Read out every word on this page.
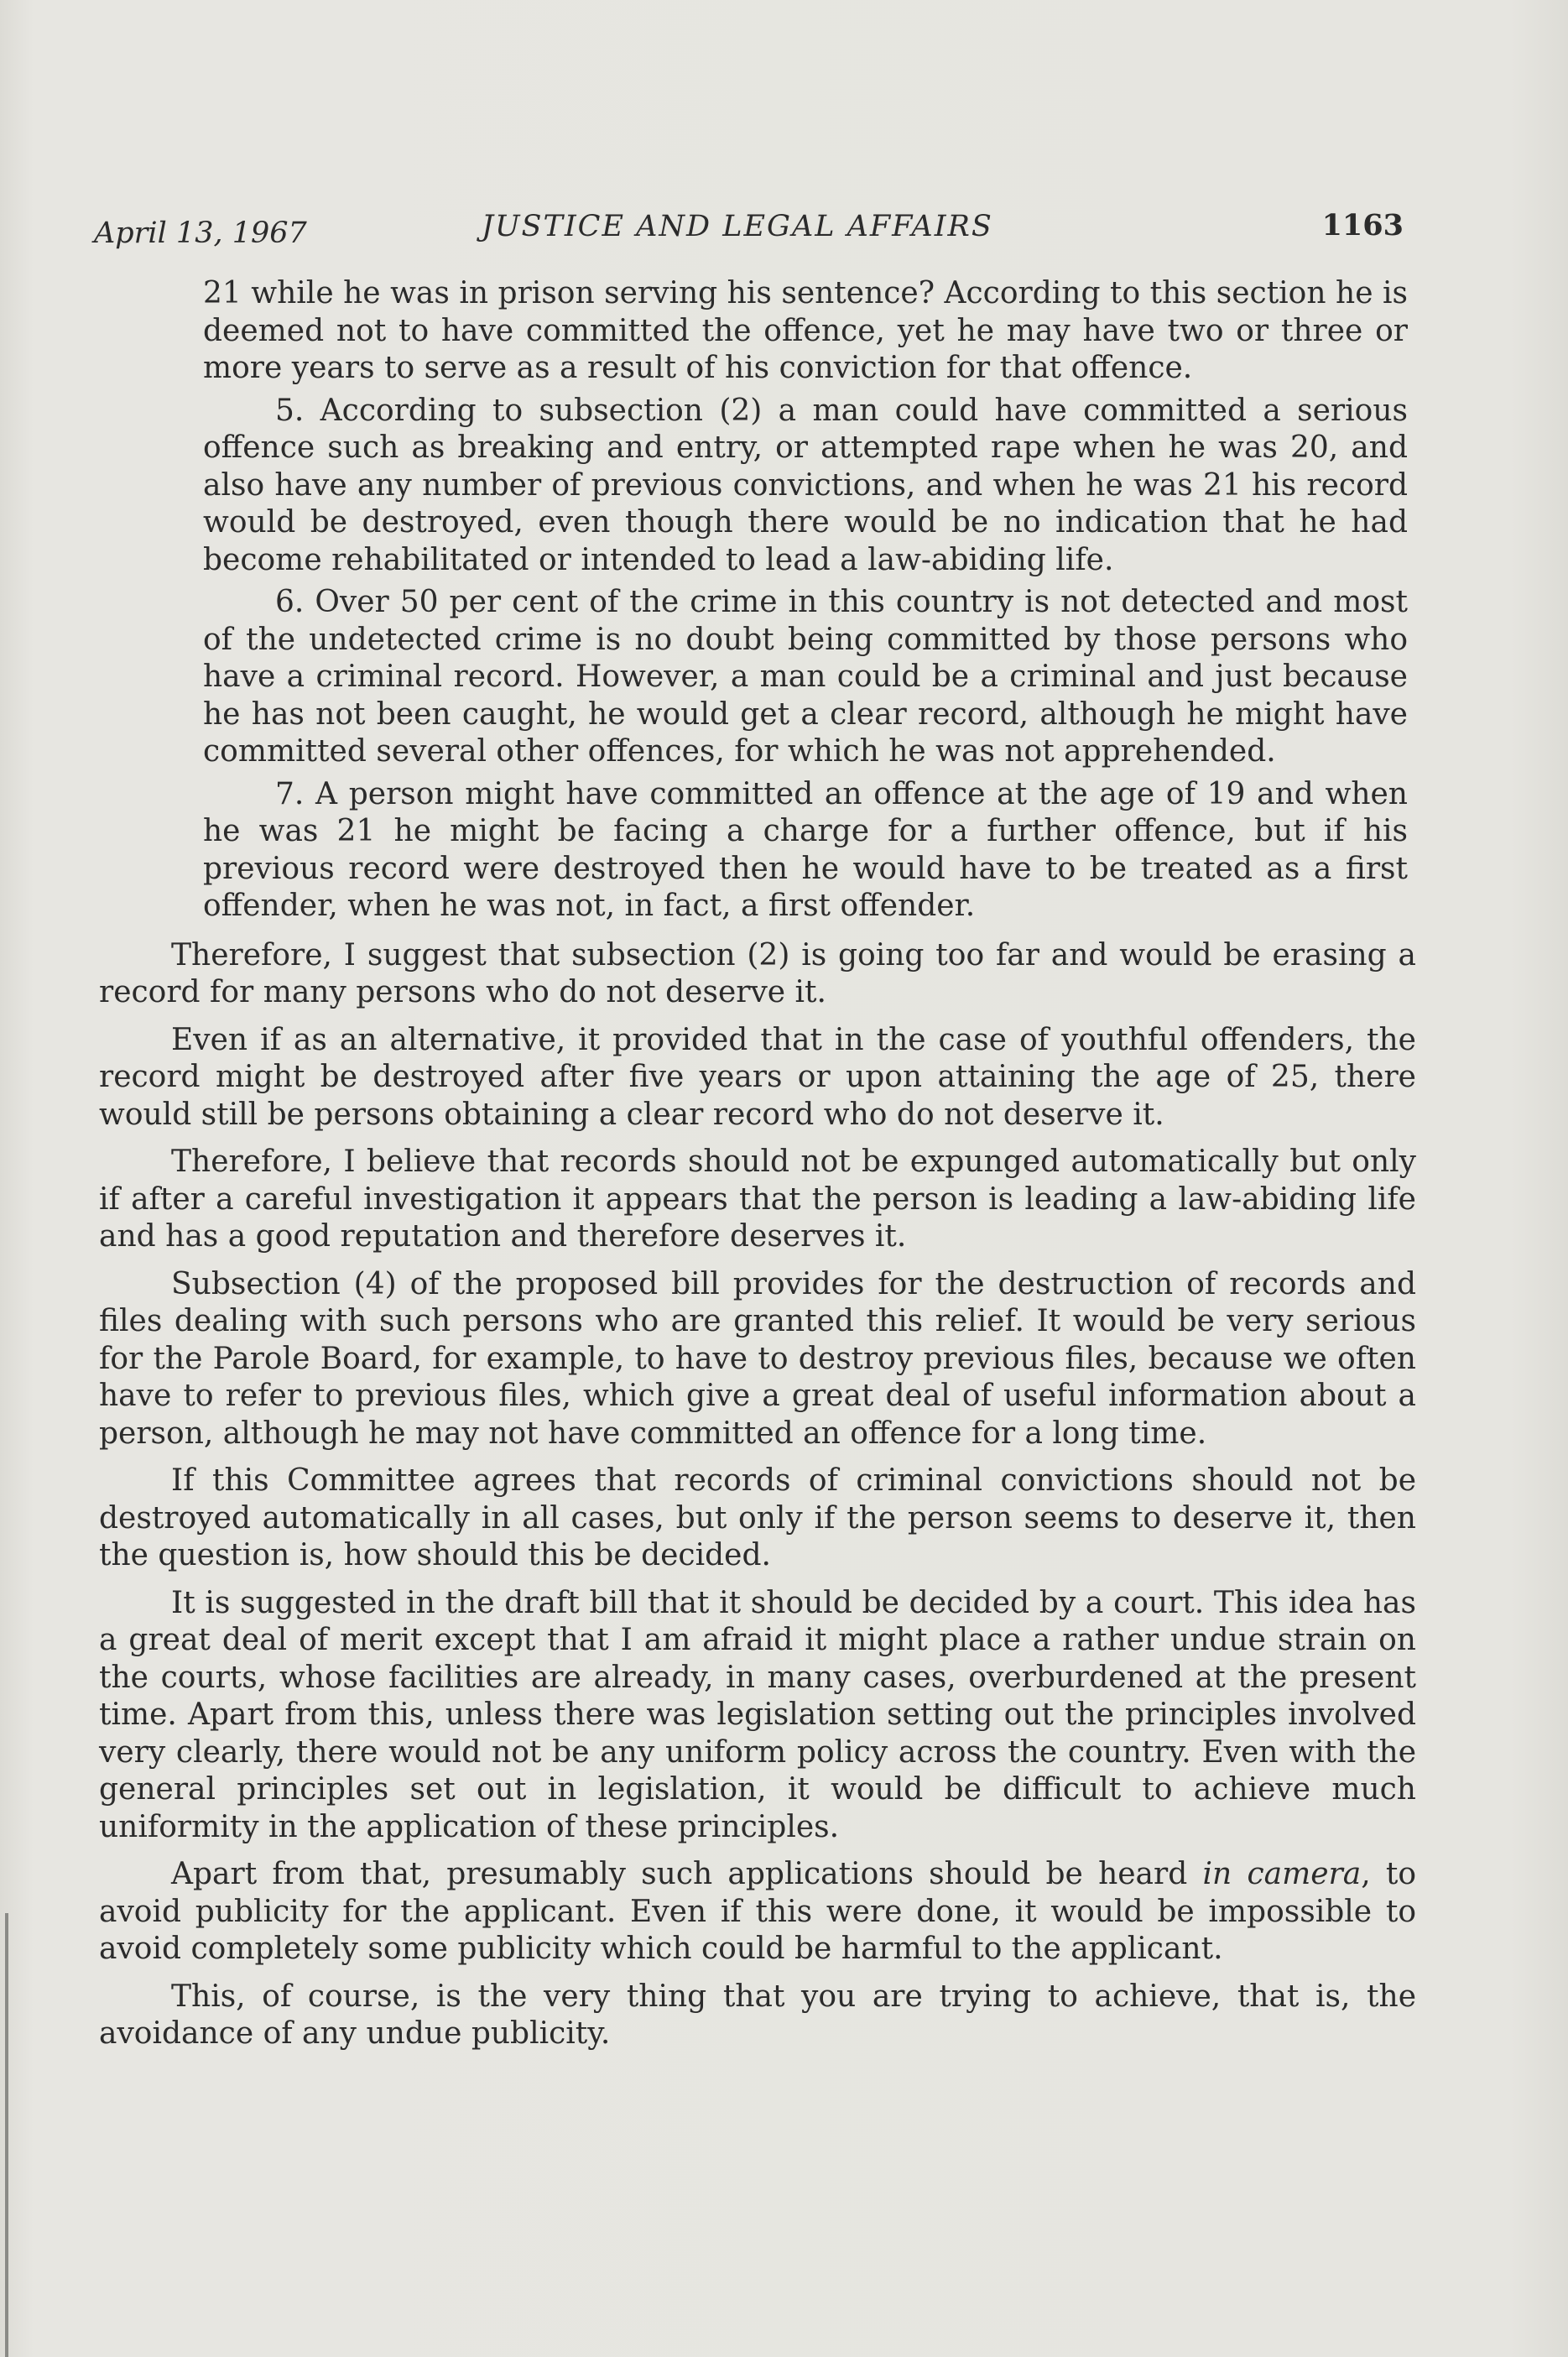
April 13, 1967	JUSTICE AND LEGAL AFFAIRS	1163

21 while he was in prison serving his sentence? According to this section he is deemed not to have committed the offence, yet he may have two or three or more years to serve as a result of his conviction for that offence.

5. According to subsection (2) a man could have committed a serious offence such as breaking and entry, or attempted rape when he was 20, and also have any number of previous convictions, and when he was 21 his record would be destroyed, even though there would be no indication that he had become rehabilitated or intended to lead a law-abiding life.

6. Over 50 per cent of the crime in this country is not detected and most of the undetected crime is no doubt being committed by those persons who have a criminal record. However, a man could be a criminal and just because he has not been caught, he would get a clear record, although he might have committed several other offences, for which he was not apprehended.

7. A person might have committed an offence at the age of 19 and when he was 21 he might be facing a charge for a further offence, but if his previous record were destroyed then he would have to be treated as a first offender, when he was not, in fact, a first offender.

Therefore, I suggest that subsection (2) is going too far and would be erasing a record for many persons who do not deserve it.

Even if as an alternative, it provided that in the case of youthful offenders, the record might be destroyed after five years or upon attaining the age of 25, there would still be persons obtaining a clear record who do not deserve it.

Therefore, I believe that records should not be expunged automatically but only if after a careful investigation it appears that the person is leading a law-abiding life and has a good reputation and therefore deserves it.

Subsection (4) of the proposed bill provides for the destruction of records and files dealing with such persons who are granted this relief. It would be very serious for the Parole Board, for example, to have to destroy previous files, because we often have to refer to previous files, which give a great deal of useful information about a person, although he may not have committed an offence for a long time.

If this Committee agrees that records of criminal convictions should not be destroyed automatically in all cases, but only if the person seems to deserve it, then the question is, how should this be decided.

It is suggested in the draft bill that it should be decided by a court. This idea has a great deal of merit except that I am afraid it might place a rather undue strain on the courts, whose facilities are already, in many cases, overburdened at the present time. Apart from this, unless there was legislation setting out the principles involved very clearly, there would not be any uniform policy across the country. Even with the general principles set out in legislation, it would be difficult to achieve much uniformity in the application of these principles.

Apart from that, presumably such applications should be heard in camera, to avoid publicity for the applicant. Even if this were done, it would be impossible to avoid completely some publicity which could be harmful to the applicant.

This, of course, is the very thing that you are trying to achieve, that is, the avoidance of any undue publicity.
